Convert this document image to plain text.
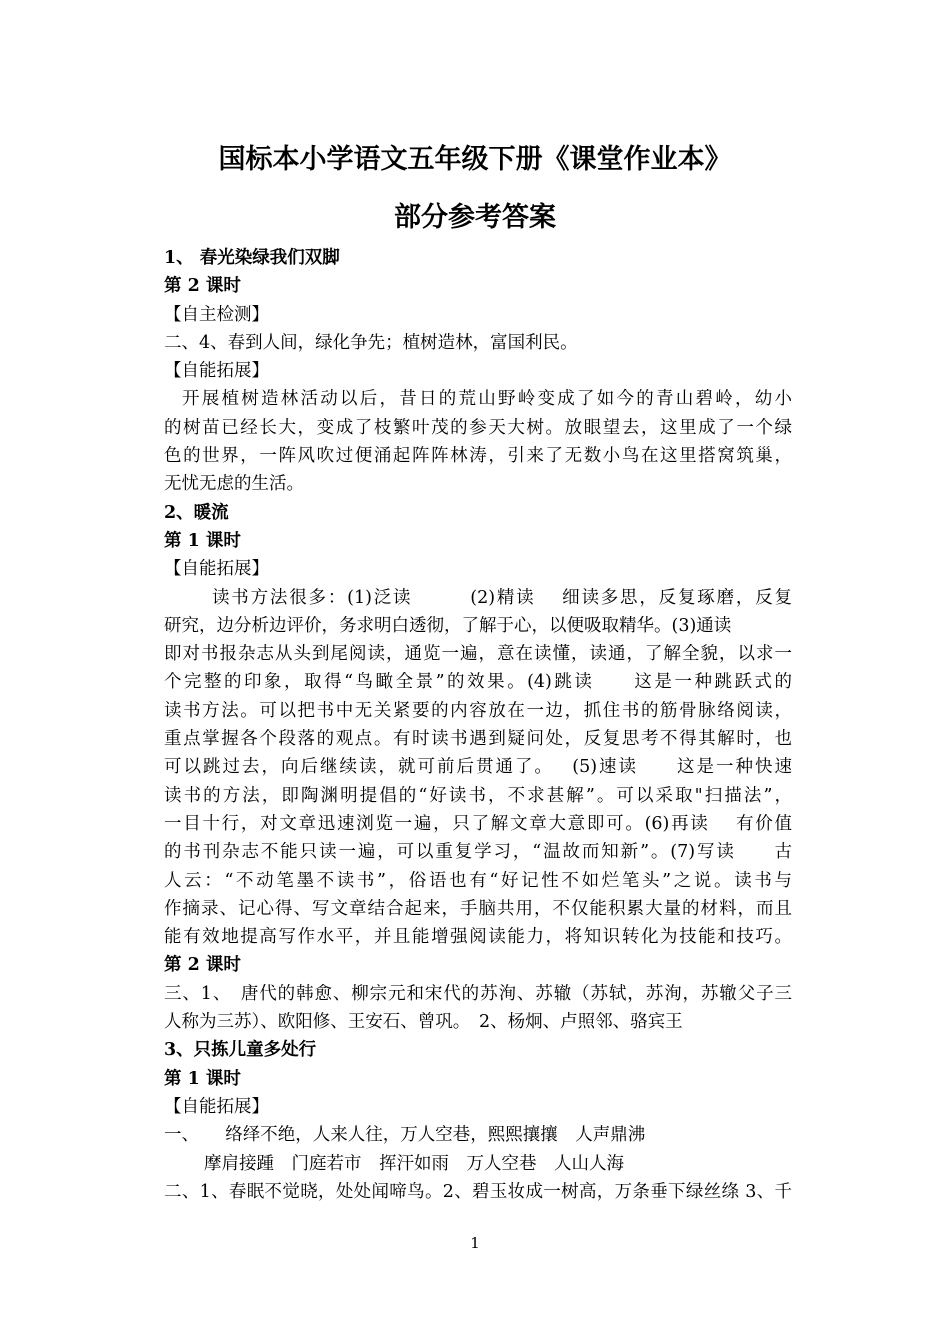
国标本小学语文五年级下册《课堂作业本》
部分参考答案
1、 春光染绿我们双脚
第 2 课时
【自主检测】
二、4、春到人间，绿化争先；植树造林，富国利民。
【自能拓展】
开展植树造林活动以后，昔日的荒山野岭变成了如今的青山碧岭，幼小
的树苗已经长大，变成了枝繁叶茂的参天大树。放眼望去，这里成了一个绿
色的世界，一阵风吹过便涌起阵阵林涛，引来了无数小鸟在这里搭窝筑巢，
无忧无虑的生活。
2、暖流
第 1 课时
【自能拓展】
读书方法很多：(1)泛读　　　(2)精读　 细读多思，反复琢磨，反复
研究，边分析边评价，务求明白透彻，了解于心，以便吸取精华。(3)通读
即对书报杂志从头到尾阅读，通览一遍，意在读懂，读通，了解全貌，以求一
个完整的印象，取得“鸟瞰全景”的效果。(4)跳读　　这是一种跳跃式的
读书方法。可以把书中无关紧要的内容放在一边，抓住书的筋骨脉络阅读，
重点掌握各个段落的观点。有时读书遇到疑问处，反复思考不得其解时，也
可以跳过去，向后继续读，就可前后贯通了。　 (5)速读　　这是一种快速
读书的方法，即陶渊明提倡的“好读书，不求甚解”。可以采取"扫描法”，
一目十行，对文章迅速浏览一遍，只了解文章大意即可。(6)再读　 有价值
的书刊杂志不能只读一遍，可以重复学习，“温故而知新”。(7)写读　　古
人云：“不动笔墨不读书”，俗语也有“好记性不如烂笔头”之说。读书与
作摘录、记心得、写文章结合起来，手脑共用，不仅能积累大量的材料，而且
能有效地提高写作水平，并且能增强阅读能力，将知识转化为技能和技巧。
第 2 课时
三、1、　唐代的韩愈、柳宗元和宋代的苏洵、苏辙（苏轼，苏洵，苏辙父子三
人称为三苏）、欧阳修、王安石、曾巩。　2、杨炯、卢照邻、骆宾王
3、只拣儿童多处行
第 1 课时
【自能拓展】
一、　　络绎不绝，人来人往，万人空巷，熙熙攘攘　人声鼎沸
摩肩接踵　门庭若市　挥汗如雨　万人空巷　人山人海
二、1、春眠不觉晓，处处闻啼鸟。2、碧玉妆成一树高，万条垂下绿丝绦 3、千
1
